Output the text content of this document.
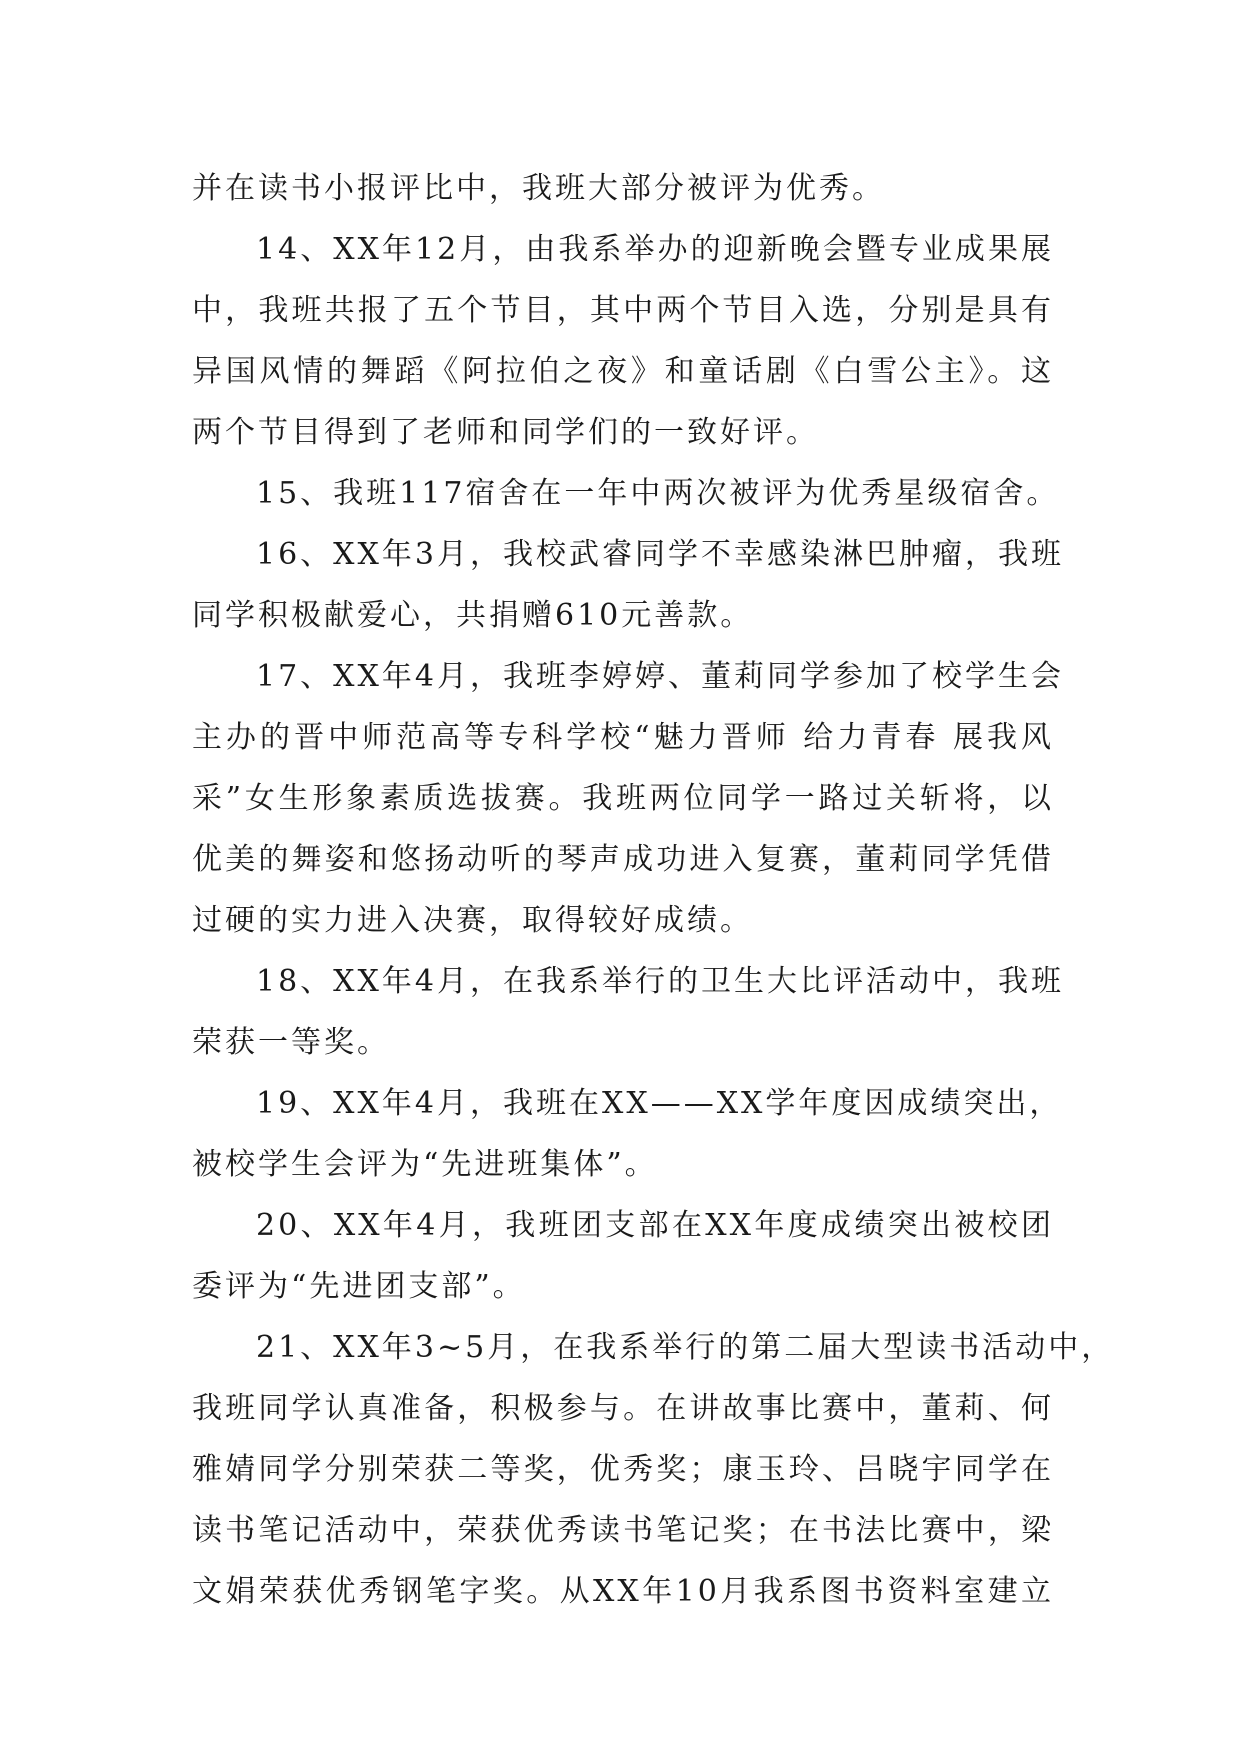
并在读书小报评比中，我班大部分被评为优秀。
14、XX年12月，由我系举办的迎新晚会暨专业成果展
中，我班共报了五个节目，其中两个节目入选，分别是具有
异国风情的舞蹈《阿拉伯之夜》和童话剧《白雪公主》。这
两个节目得到了老师和同学们的一致好评。
15、我班117宿舍在一年中两次被评为优秀星级宿舍。
16、XX年3月，我校武睿同学不幸感染淋巴肿瘤，我班
同学积极献爱心，共捐赠610元善款。
17、XX年4月，我班李婷婷、董莉同学参加了校学生会
主办的晋中师范高等专科学校“魅力晋师 给力青春 展我风
采”女生形象素质选拔赛。我班两位同学一路过关斩将，以
优美的舞姿和悠扬动听的琴声成功进入复赛，董莉同学凭借
过硬的实力进入决赛，取得较好成绩。
18、XX年4月，在我系举行的卫生大比评活动中，我班
荣获一等奖。
19、XX年4月，我班在XX——XX学年度因成绩突出，
被校学生会评为“先进班集体”。
20、XX年4月，我班团支部在XX年度成绩突出被校团
委评为“先进团支部”。
21、XX年3~5月，在我系举行的第二届大型读书活动中，
我班同学认真准备，积极参与。在讲故事比赛中，董莉、何
雅婧同学分别荣获二等奖，优秀奖；康玉玲、吕晓宇同学在
读书笔记活动中，荣获优秀读书笔记奖；在书法比赛中，梁
文娟荣获优秀钢笔字奖。从XX年10月我系图书资料室建立
